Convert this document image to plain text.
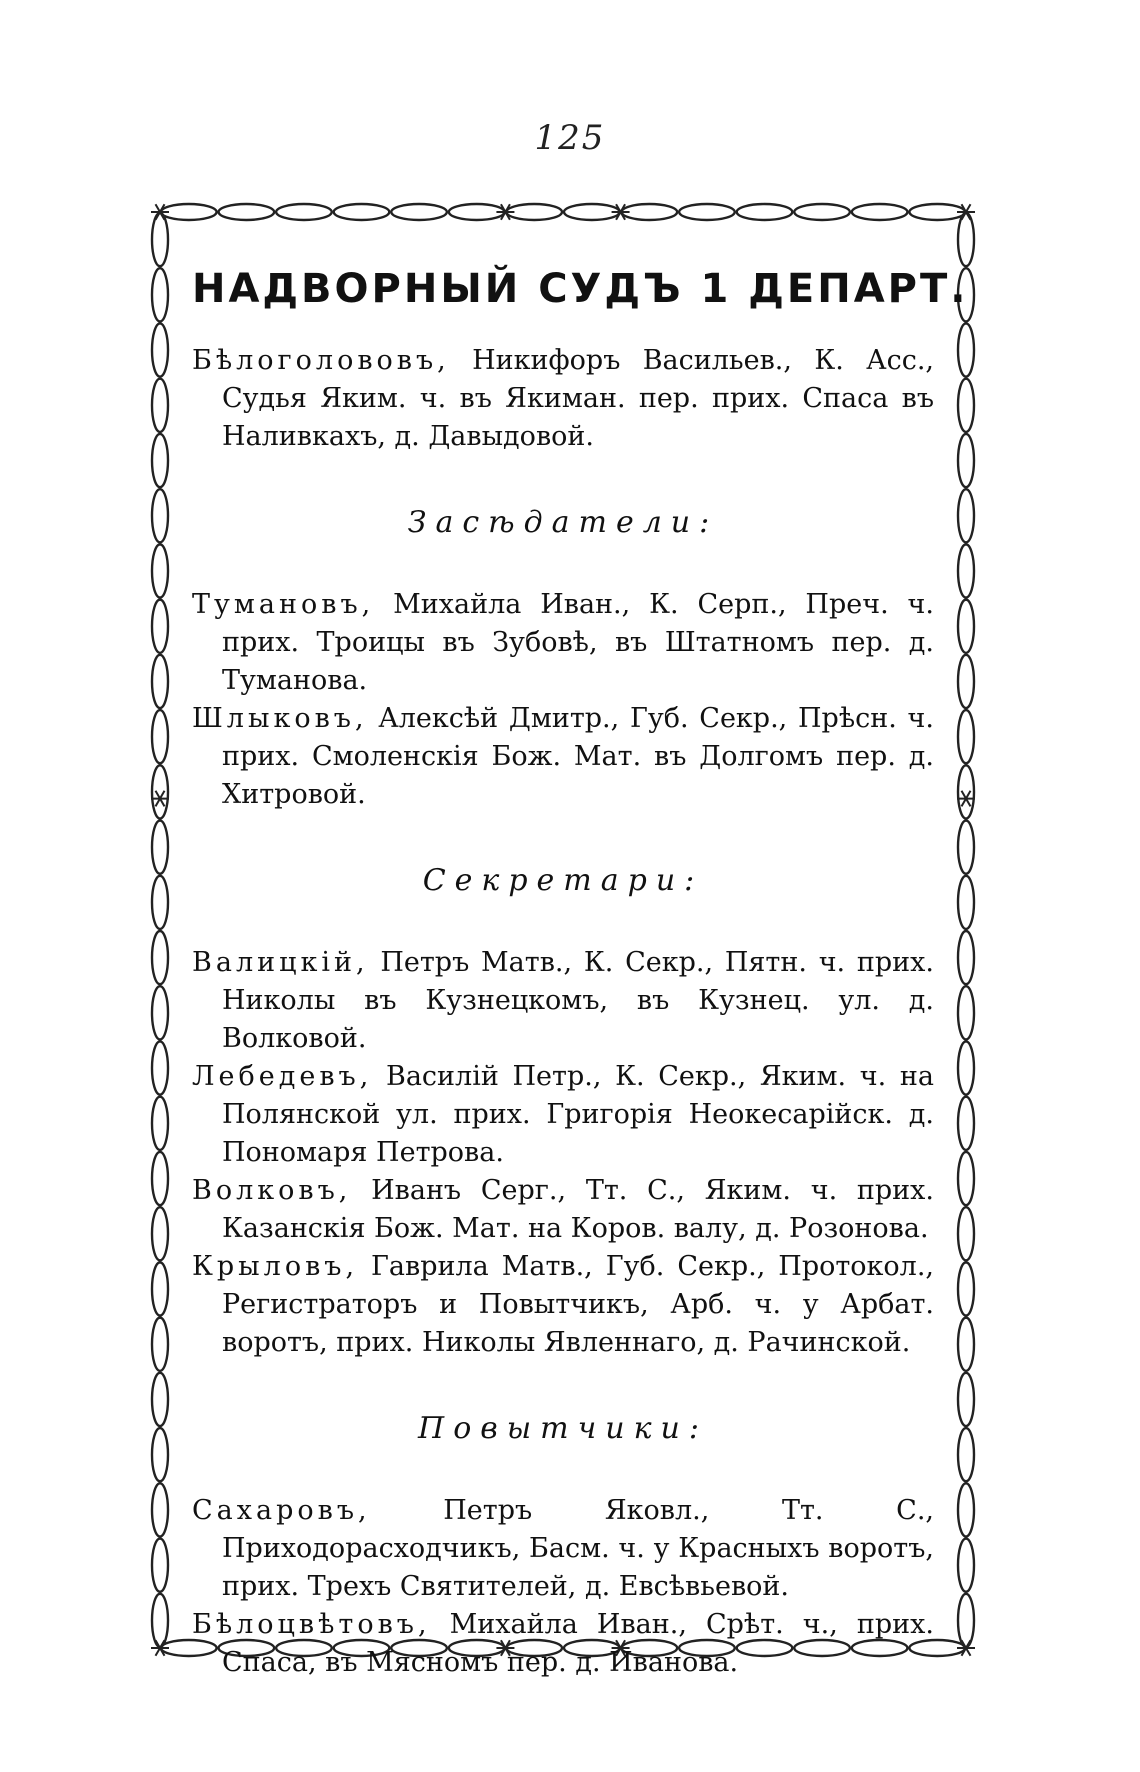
125
НАДВОРНЫЙ СУДЪ 1 ДЕПАРТ.

Бѣлоголововъ, Никифоръ Васильев., К. Асс., Судья Яким. ч. въ Якиман. пер. прих. Спаса въ Наливкахъ, д. Давыдовой.

Засѣдатели:

Тумановъ, Михайла Иван., К. Серп., Преч. ч. прих. Троицы въ Зубовѣ, въ Штатномъ пер. д. Туманова.

Шлыковъ, Алексѣй Дмитр., Губ. Секр., Прѣсн. ч. прих. Смоленскія Бож. Мат. въ Долгомъ пер. д. Хитровой.

Секретари:

Валицкій, Петръ Матв., К. Секр., Пятн. ч. прих. Николы въ Кузнецкомъ, въ Кузнец. ул. д. Волковой.

Лебедевъ, Василій Петр., К. Секр., Яким. ч. на Полянской ул. прих. Григорія Неокесарійск. д. Пономаря Петрова.

Волковъ, Иванъ Серг., Тт. С., Яким. ч. прих. Казанскія Бож. Мат. на Коров. валу, д. Розонова.

Крыловъ, Гаврила Матв., Губ. Секр., Протокол., Регистраторъ и Повытчикъ, Арб. ч. у Арбат. воротъ, прих. Николы Явленнаго, д. Рачинской.

Повытчики:

Сахаровъ, Петръ Яковл., Тт. С., Приходорасходчикъ, Басм. ч. у Красныхъ воротъ, прих. Трехъ Святителей, д. Евсѣвьевой.

Бѣлоцвѣтовъ, Михайла Иван., Срѣт. ч., прих. Спаса, въ Мясномъ пер. д. Иванова.
